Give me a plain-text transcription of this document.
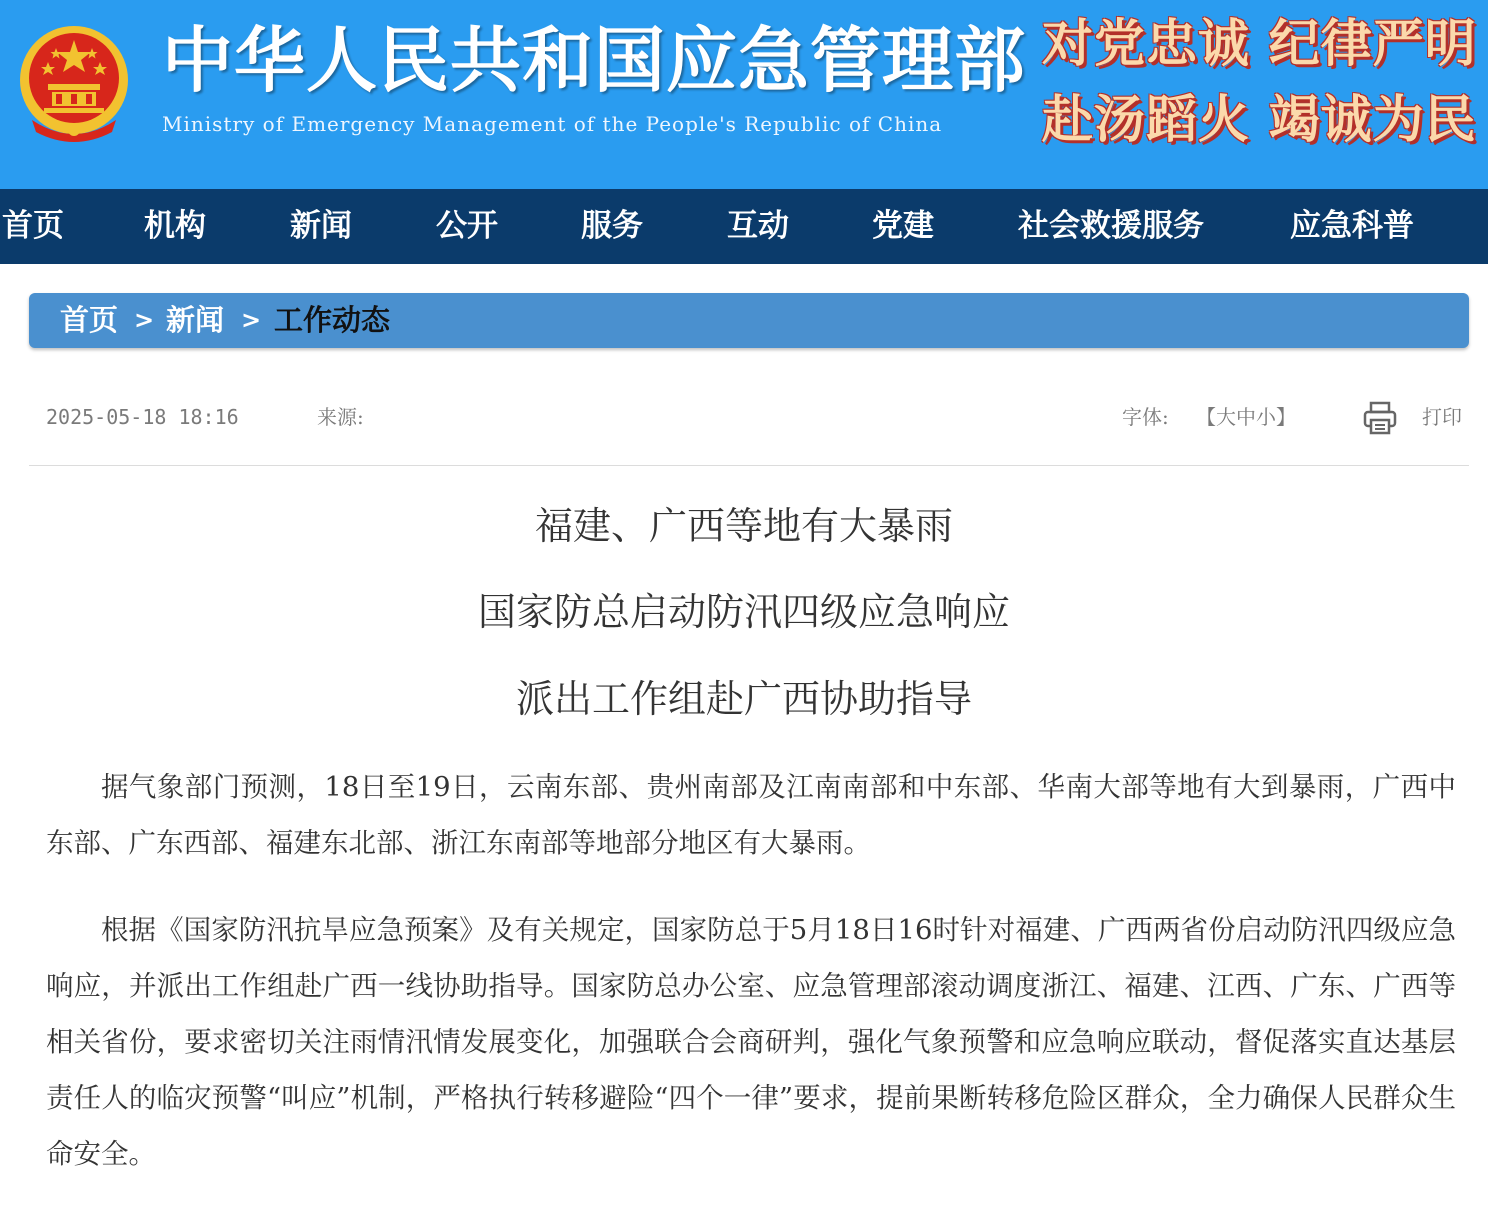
中华人民共和国应急管理部
Ministry of Emergency Management of the People's Republic of China
对党忠诚 纪律严明
赴汤蹈火 竭诚为民
首页	机构	新闻	公开	服务	互动	党建	社会救援服务	应急科普
首页 > 新闻 > 工作动态
2025-05-18 18:16	来源:	字体: 【大中小】	打印
福建、广西等地有大暴雨
国家防总启动防汛四级应急响应
派出工作组赴广西协助指导

据气象部门预测，18日至19日，云南东部、贵州南部及江南南部和中东部、华南大部等地有大到暴雨，广西中东部、广东西部、福建东北部、浙江东南部等地部分地区有大暴雨。

根据《国家防汛抗旱应急预案》及有关规定，国家防总于5月18日16时针对福建、广西两省份启动防汛四级应急响应，并派出工作组赴广西一线协助指导。国家防总办公室、应急管理部滚动调度浙江、福建、江西、广东、广西等相关省份，要求密切关注雨情汛情发展变化，加强联合会商研判，强化气象预警和应急响应联动，督促落实直达基层责任人的临灾预警“叫应”机制，严格执行转移避险“四个一律”要求，提前果断转移危险区群众，全力确保人民群众生命安全。
